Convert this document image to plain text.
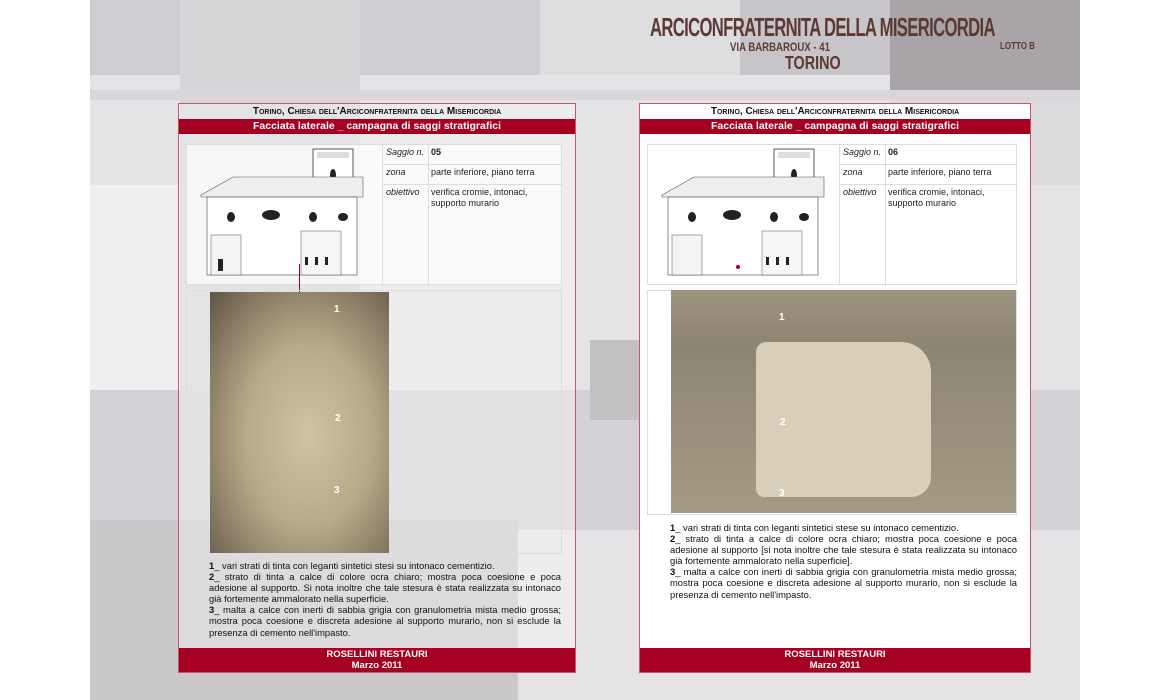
ARCICONFRATERNITA DELLA MISERICORDIA
VIA BARBAROUX - 41	LOTTO B
TORINO
Torino, Chiesa dell'Arciconfraternita della Misericordia
Facciata laterale _ campagna di saggi stratigrafici
Saggio n. 05
zona	parte inferiore, piano terra
obiettivo verifica cromie, intonaci, supporto murario
1
2
3
1_ vari strati di tinta con leganti sintetici stesi su intonaco cementizio.
2_ strato di tinta a calce di colore ocra chiaro; mostra poca coesione e poca adesione al supporto. Si nota inoltre che tale stesura è stata realizzata su intonaco già fortemente ammalorato nella superficie.
3_ malta a calce con inerti di sabbia grigia con granulometria mista medio grossa; mostra poca coesione e discreta adesione al supporto murario, non si esclude la presenza di cemento nell'impasto.
ROSELLINI RESTAURI
Marzo 2011
Torino, Chiesa dell'Arciconfraternita della Misericordia
Facciata laterale _ campagna di saggi stratigrafici
Saggio n. 06
zona	parte inferiore, piano terra
obiettivo verifica cromie, intonaci, supporto murario
1
2
3
1_ vari strati di tinta con leganti sintetici stese su intonaco cementizio.
2_ strato di tinta a calce di colore ocra chiaro; mostra poca coesione e poca adesione al supporto [si nota inoltre che tale stesura è stata realizzata su intonaco già fortemente ammalorato nella superficie].
3_ malta a calce con inerti di sabbia grigia con granulometria mista medio grossa; mostra poca coesione e discreta adesione al supporto murario, non si esclude la presenza di cemento nell'impasto.
ROSELLINI RESTAURI
Marzo 2011
